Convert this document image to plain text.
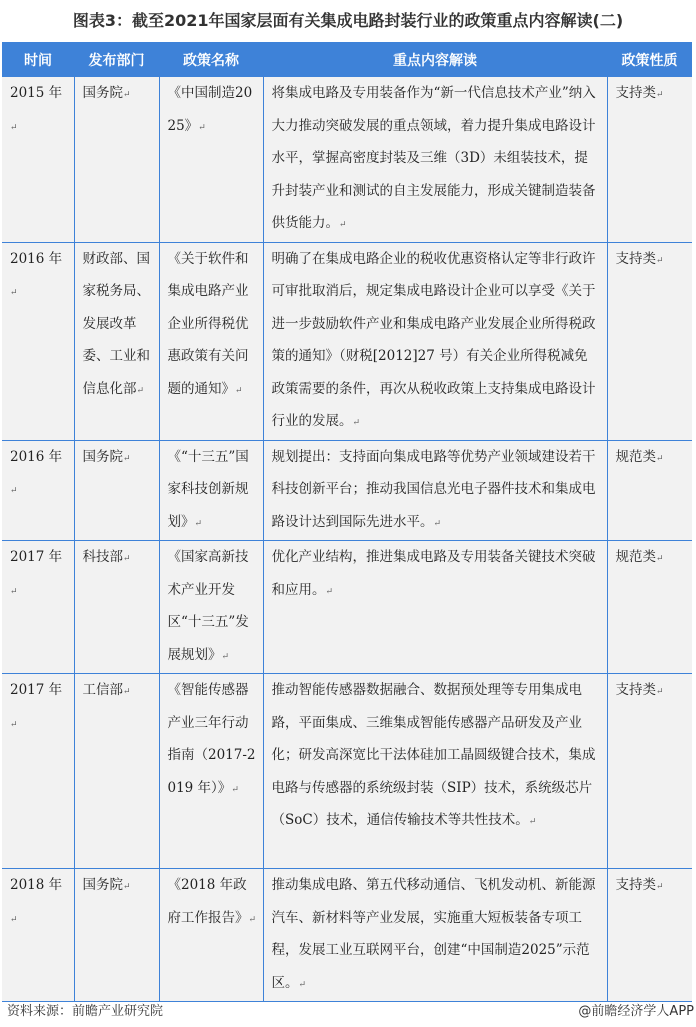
图表3：截至2021年国家层面有关集成电路封装行业的政策重点内容解读(二)
时间	发布部门	政策名称	重点内容解读	政策性质
2015 年 ↵	国务院 ↵	《中国制造2025》 ↵	将集成电路及专用装备作为“新一代信息技术产业”纳入大力推动突破发展的重点领域，着力提升集成电路设计水平，掌握高密度封装及三维（3D）未组装技术，提升封装产业和测试的自主发展能力，形成关键制造装备供货能力。 ↵	支持类 ↵
2016 年 ↵	财政部、国家税务局、发展改革委、工业和信息化部 ↵	《关于软件和集成电路产业企业所得税优惠政策有关问题的通知》 ↵	明确了在集成电路企业的税收优惠资格认定等非行政许可审批取消后，规定集成电路设计企业可以享受《关于进一步鼓励软件产业和集成电路产业发展企业所得税政策的通知》（财税[2012]27 号）有关企业所得税减免政策需要的条件，再次从税收政策上支持集成电路设计行业的发展。 ↵	支持类 ↵
2016 年 ↵	国务院 ↵	《“十三五”国家科技创新规划》 ↵	规划提出：支持面向集成电路等优势产业领域建设若干科技创新平台；推动我国信息光电子器件技术和集成电路设计达到国际先进水平。 ↵	规范类 ↵
2017 年 ↵	科技部 ↵	《国家高新技术产业开发区“十三五”发展规划》 ↵	优化产业结构，推进集成电路及专用装备关键技术突破和应用。 ↵	规范类 ↵
2017 年 ↵	工信部 ↵	《智能传感器产业三年行动指南（2017-2019 年）》 ↵	推动智能传感器数据融合、数据预处理等专用集成电路，平面集成、三维集成智能传感器产品研发及产业化；研发高深宽比干法体硅加工晶圆级键合技术，集成电路与传感器的系统级封装（SIP）技术，系统级芯片（SoC）技术，通信传输技术等共性技术。 ↵	支持类 ↵
2018 年 ↵	国务院 ↵	《2018 年政府工作报告》 ↵	推动集成电路、第五代移动通信、飞机发动机、新能源汽车、新材料等产业发展，实施重大短板装备专项工程，发展工业互联网平台，创建“中国制造2025”示范区。 ↵	支持类 ↵
资料来源：前瞻产业研究院	@前瞻经济学人APP
